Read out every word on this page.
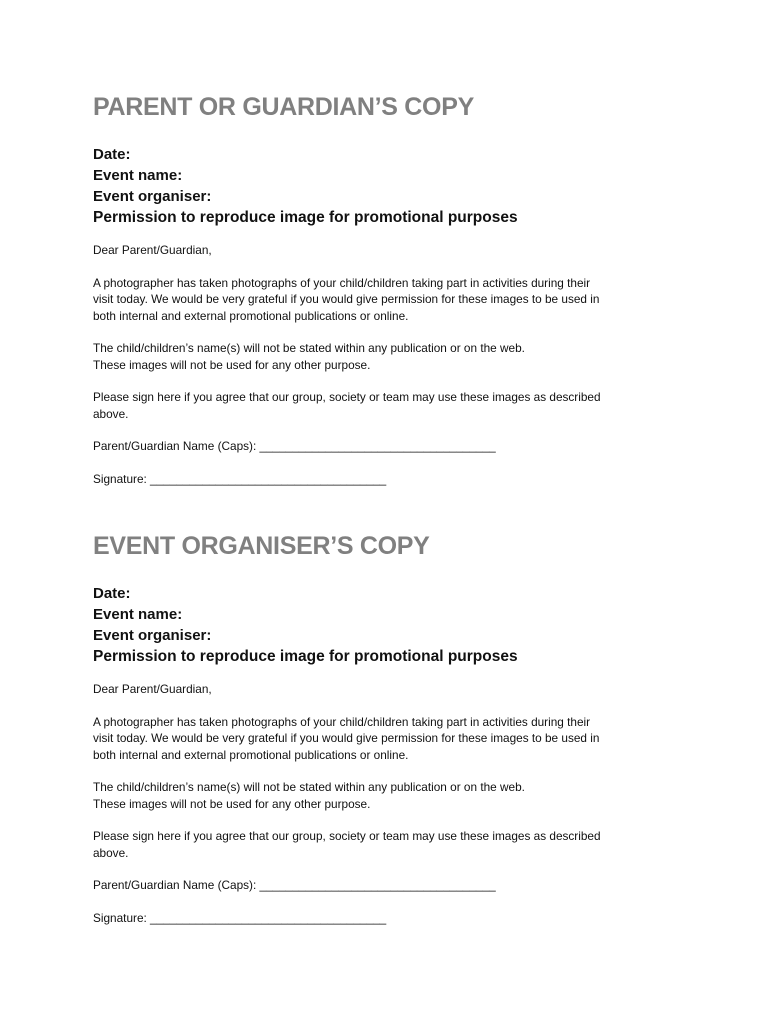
PARENT OR GUARDIAN’S COPY
Date:
Event name:
Event organiser:
Permission to reproduce image for promotional purposes

Dear Parent/Guardian,

A photographer has taken photographs of your child/children taking part in activities during their
visit today. We would be very grateful if you would give permission for these images to be used in
both internal and external promotional publications or online.
The child/children’s name(s) will not be stated within any publication or on the web.
These images will not be used for any other purpose.
Please sign here if you agree that our group, society or team may use these images as described
above.
Parent/Guardian Name (Caps): ____________________________________
Signature: ____________________________________
EVENT ORGANISER’S COPY
Date:
Event name:
Event organiser:
Permission to reproduce image for promotional purposes

Dear Parent/Guardian,

A photographer has taken photographs of your child/children taking part in activities during their
visit today. We would be very grateful if you would give permission for these images to be used in
both internal and external promotional publications or online.
The child/children’s name(s) will not be stated within any publication or on the web.
These images will not be used for any other purpose.
Please sign here if you agree that our group, society or team may use these images as described
above.
Parent/Guardian Name (Caps): ____________________________________
Signature: ____________________________________
